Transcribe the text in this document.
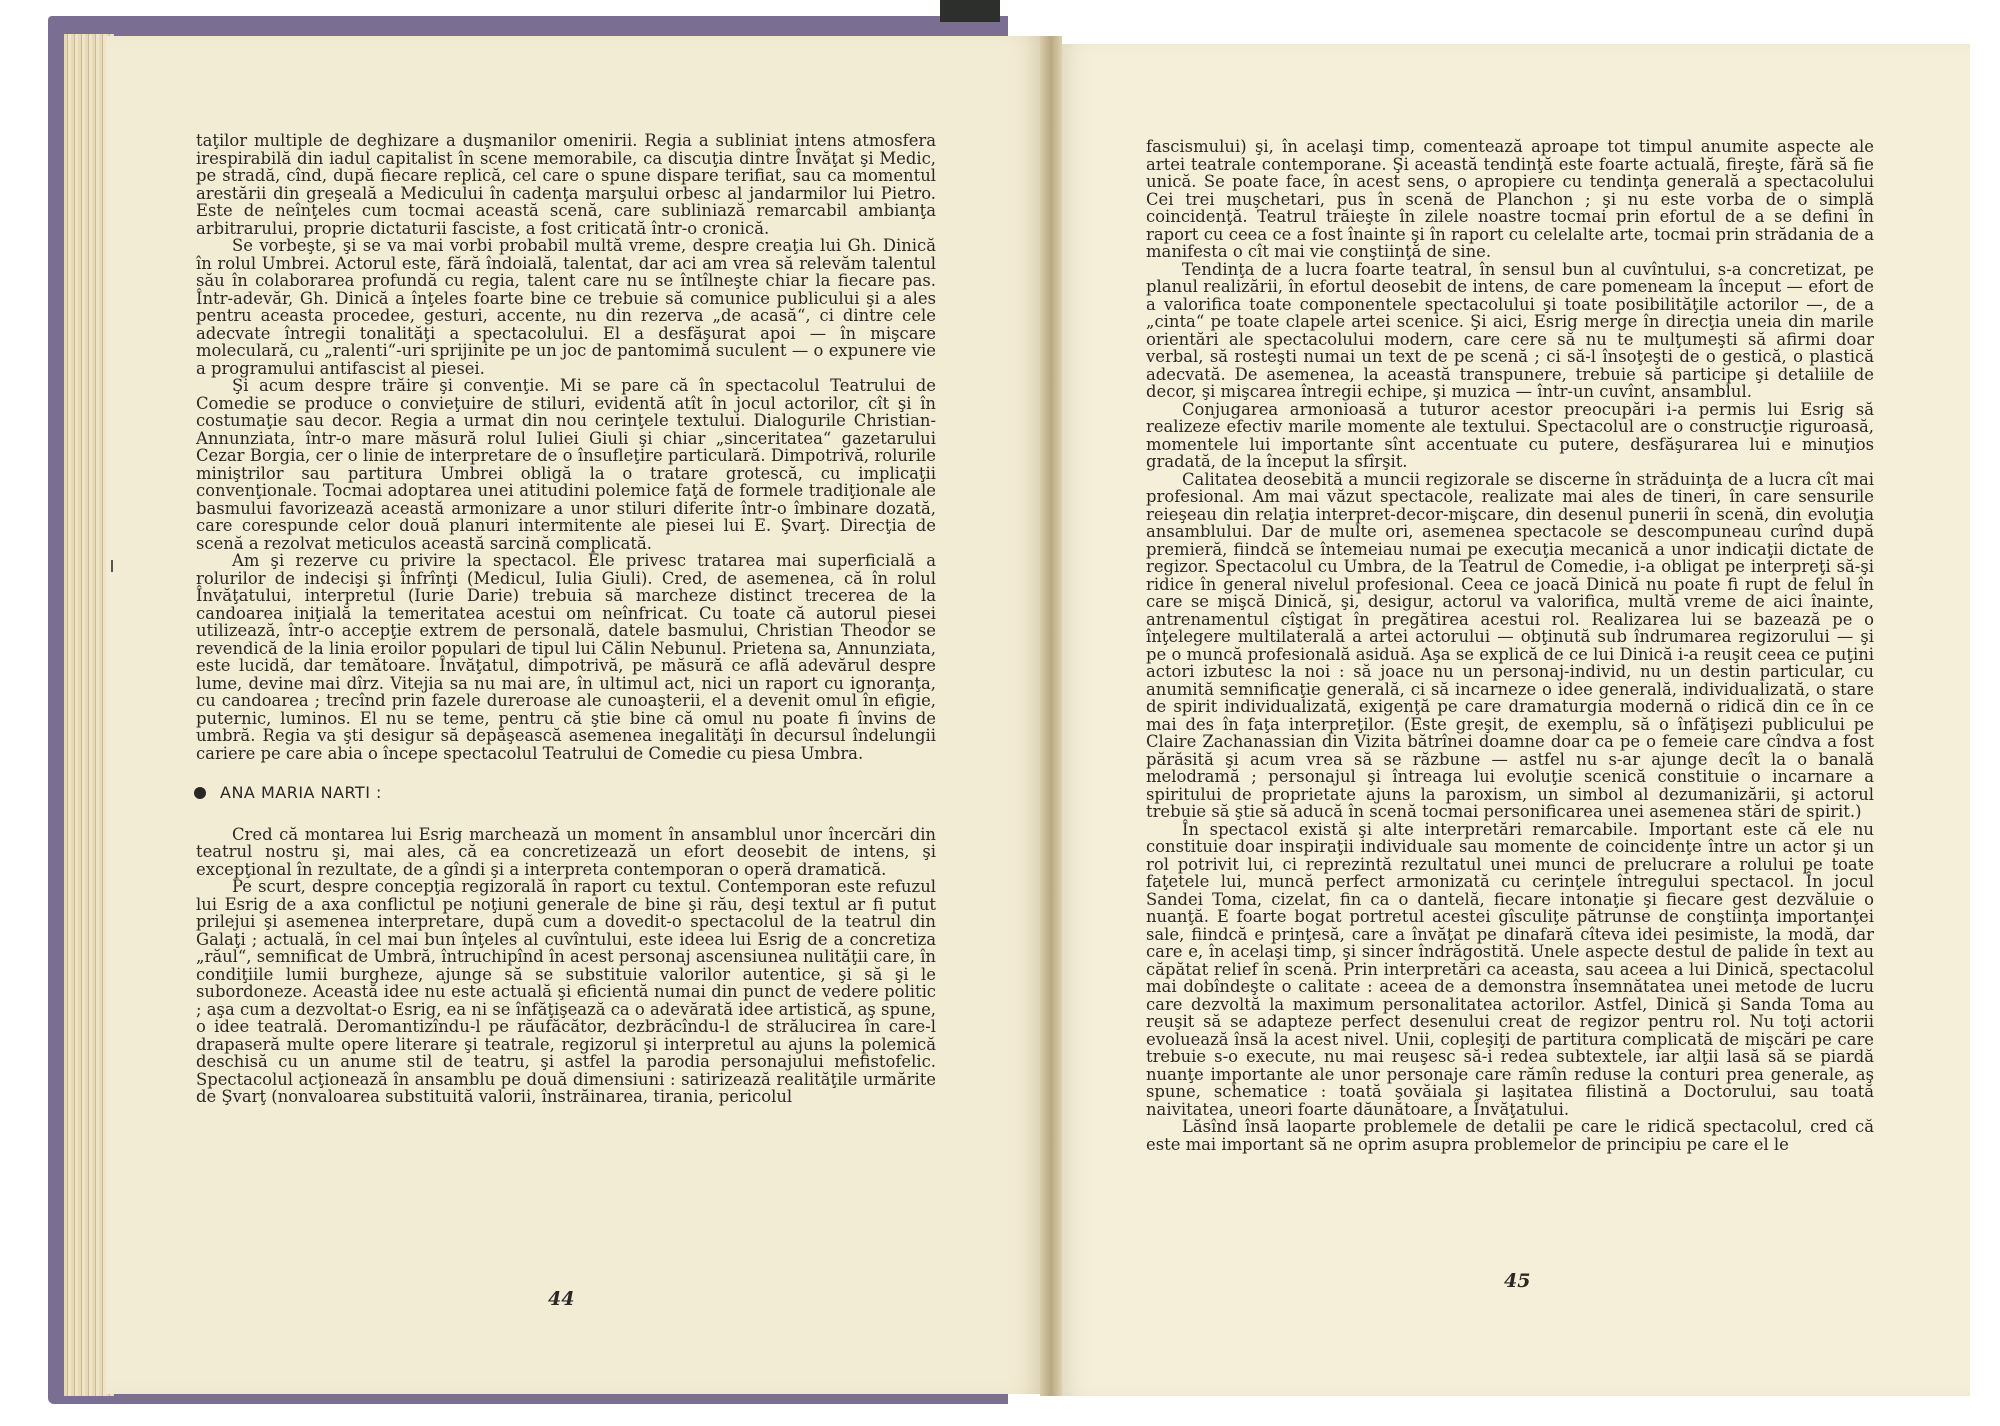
taţilor multiple de deghizare a duşmanilor omenirii. Regia a subliniat intens atmosfera irespirabilă din iadul capitalist în scene memorabile, ca discuţia dintre Învăţat şi Medic, pe stradă, cînd, după fiecare replică, cel care o spune dispare terifiat, sau ca momentul arestării din greşeală a Medicului în cadenţa marşului orbesc al jandarmilor lui Pietro. Este de neînţeles cum tocmai această scenă, care subliniază remarcabil ambianţa arbitrarului, proprie dictaturii fasciste, a fost criticată într-o cronică.

Se vorbeşte, şi se va mai vorbi probabil multă vreme, despre creaţia lui Gh. Dinică în rolul Umbrei. Actorul este, fără îndoială, talentat, dar aci am vrea să relevăm talentul său în colaborarea profundă cu regia, talent care nu se întîlneşte chiar la fiecare pas. Într-adevăr, Gh. Dinică a înţeles foarte bine ce trebuie să comunice publicului şi a ales pentru aceasta procedee, gesturi, accente, nu din rezerva „de acasă“, ci dintre cele adecvate întregii tonalităţi a spectacolului. El a desfăşurat apoi — în mişcare moleculară, cu „ralenti“-uri sprijinite pe un joc de pantomimă suculent — o expunere vie a programului antifascist al piesei.

Şi acum despre trăire şi convenţie. Mi se pare că în spectacolul Teatrului de Comedie se produce o convieţuire de stiluri, evidentă atît în jocul actorilor, cît şi în costumaţie sau decor. Regia a urmat din nou cerinţele textului. Dialogurile Christian-Annunziata, într-o mare măsură rolul Iuliei Giuli şi chiar „sinceritatea“ gazetarului Cezar Borgia, cer o linie de interpretare de o însufleţire particulară. Dimpotrivă, rolurile miniştrilor sau partitura Umbrei obligă la o tratare grotescă, cu implicaţii convenţionale. Tocmai adoptarea unei atitudini polemice faţă de formele tradiţionale ale basmului favorizează această armonizare a unor stiluri diferite într-o îmbinare dozată, care corespunde celor două planuri intermitente ale piesei lui E. Şvarţ. Direcţia de scenă a rezolvat meticulos această sarcină complicată.

Am şi rezerve cu privire la spectacol. Ele privesc tratarea mai superficială a rolurilor de indecişi şi înfrînţi (Medicul, Iulia Giuli). Cred, de asemenea, că în rolul Învăţatului, interpretul (Iurie Darie) trebuia să marcheze distinct trecerea de la candoarea iniţială la temeritatea acestui om neînfricat. Cu toate că autorul piesei utilizează, într-o accepţie extrem de personală, datele basmului, Christian Theodor se revendică de la linia eroilor populari de tipul lui Călin Nebunul. Prietena sa, Annunziata, este lucidă, dar temătoare. Învăţatul, dimpotrivă, pe măsură ce află adevărul despre lume, devine mai dîrz. Vitejia sa nu mai are, în ultimul act, nici un raport cu ignoranţa, cu candoarea ; trecînd prin fazele dureroase ale cunoaşterii, el a devenit omul în efigie, puternic, luminos. El nu se teme, pentru că ştie bine că omul nu poate fi învins de umbră. Regia va şti desigur să depăşească asemenea inegalităţi în decursul îndelungii cariere pe care abia o începe spectacolul Teatrului de Comedie cu piesa Umbra.

ANA MARIA NARTI :

Cred că montarea lui Esrig marchează un moment în ansamblul unor încercări din teatrul nostru şi, mai ales, că ea concretizează un efort deosebit de intens, şi excepţional în rezultate, de a gîndi şi a interpreta contemporan o operă dramatică.

Pe scurt, despre concepţia regizorală în raport cu textul. Contemporan este refuzul lui Esrig de a axa conflictul pe noţiuni generale de bine şi rău, deşi textul ar fi putut prilejui şi asemenea interpretare, după cum a dovedit-o spectacolul de la teatrul din Galaţi ; actuală, în cel mai bun înţeles al cuvîntului, este ideea lui Esrig de a concretiza „răul“, semnificat de Umbră, întruchipînd în acest personaj ascensiunea nulităţii care, în condiţiile lumii burgheze, ajunge să se substituie valorilor autentice, şi să şi le subordoneze. Această idee nu este actuală şi eficientă numai din punct de vedere politic ; aşa cum a dezvoltat-o Esrig, ea ni se înfăţişează ca o adevărată idee artistică, aş spune, o idee teatrală. Deromantizîndu-l pe răufăcător, dezbrăcîndu-l de strălucirea în care-l drapaseră multe opere literare şi teatrale, regizorul şi interpretul au ajuns la polemică deschisă cu un anume stil de teatru, şi astfel la parodia personajului mefistofelic. Spectacolul acţionează în ansamblu pe două dimensiuni : satirizează realităţile urmărite de Şvarţ (nonvaloarea substituită valorii, înstrăinarea, tirania, pericolul

44

fascismului) şi, în acelaşi timp, comentează aproape tot timpul anumite aspecte ale artei teatrale contemporane. Şi această tendinţă este foarte actuală, fireşte, fără să fie unică. Se poate face, în acest sens, o apropiere cu tendinţa generală a spectacolului Cei trei muşchetari, pus în scenă de Planchon ; şi nu este vorba de o simplă coincidenţă. Teatrul trăieşte în zilele noastre tocmai prin efortul de a se defini în raport cu ceea ce a fost înainte şi în raport cu celelalte arte, tocmai prin strădania de a manifesta o cît mai vie conştiinţă de sine.

Tendinţa de a lucra foarte teatral, în sensul bun al cuvîntului, s-a concretizat, pe planul realizării, în efortul deosebit de intens, de care pomeneam la început — efort de a valorifica toate componentele spectacolului şi toate posibilităţile actorilor —, de a „cinta“ pe toate clapele artei scenice. Şi aici, Esrig merge în direcţia uneia din marile orientări ale spectacolului modern, care cere să nu te mulţumeşti să afirmi doar verbal, să rosteşti numai un text de pe scenă ; ci să-l însoţeşti de o gestică, o plastică adecvată. De asemenea, la această transpunere, trebuie să participe şi detaliile de decor, şi mişcarea întregii echipe, şi muzica — într-un cuvînt, ansamblul.

Conjugarea armonioasă a tuturor acestor preocupări i-a permis lui Esrig să realizeze efectiv marile momente ale textului. Spectacolul are o construcţie riguroasă, momentele lui importante sînt accentuate cu putere, desfăşurarea lui e minuţios gradată, de la început la sfîrşit.

Calitatea deosebită a muncii regizorale se discerne în străduinţa de a lucra cît mai profesional. Am mai văzut spectacole, realizate mai ales de tineri, în care sensurile reieşeau din relaţia interpret-decor-mişcare, din desenul punerii în scenă, din evoluţia ansamblului. Dar de multe ori, asemenea spectacole se descompuneau curînd după premieră, fiindcă se întemeiau numai pe execuţia mecanică a unor indicaţii dictate de regizor. Spectacolul cu Umbra, de la Teatrul de Comedie, i-a obligat pe interpreţi să-şi ridice în general nivelul profesional. Ceea ce joacă Dinică nu poate fi rupt de felul în care se mişcă Dinică, şi, desigur, actorul va valorifica, multă vreme de aici înainte, antrenamentul cîştigat în pregătirea acestui rol. Realizarea lui se bazează pe o înţelegere multilaterală a artei actorului — obţinută sub îndrumarea regizorului — şi pe o muncă profesională asiduă. Aşa se explică de ce lui Dinică i-a reuşit ceea ce puţini actori izbutesc la noi : să joace nu un personaj-individ, nu un destin particular, cu anumită semnificaţie generală, ci să incarneze o idee generală, individualizată, o stare de spirit individualizată, exigenţă pe care dramaturgia modernă o ridică din ce în ce mai des în faţa interpreţilor. (Este greşit, de exemplu, să o înfăţişezi publicului pe Claire Zachanassian din Vizita bătrînei doamne doar ca pe o femeie care cîndva a fost părăsită şi acum vrea să se răzbune — astfel nu s-ar ajunge decît la o banală melodramă ; personajul şi întreaga lui evoluţie scenică constituie o incarnare a spiritului de proprietate ajuns la paroxism, un simbol al dezumanizării, şi actorul trebuie să ştie să aducă în scenă tocmai personificarea unei asemenea stări de spirit.)

În spectacol există şi alte interpretări remarcabile. Important este că ele nu constituie doar inspiraţii individuale sau momente de coincidenţe între un actor şi un rol potrivit lui, ci reprezintă rezultatul unei munci de prelucrare a rolului pe toate faţetele lui, muncă perfect armonizată cu cerinţele întregului spectacol. În jocul Sandei Toma, cizelat, fin ca o dantelă, fiecare intonaţie şi fiecare gest dezvăluie o nuanţă. E foarte bogat portretul acestei gîsculiţe pătrunse de conştiinţa importanţei sale, fiindcă e prinţesă, care a învăţat pe dinafară cîteva idei pesimiste, la modă, dar care e, în acelaşi timp, şi sincer îndrăgostită. Unele aspecte destul de palide în text au căpătat relief în scenă. Prin interpretări ca aceasta, sau aceea a lui Dinică, spectacolul mai dobîndeşte o calitate : aceea de a demonstra însemnătatea unei metode de lucru care dezvoltă la maximum personalitatea actorilor. Astfel, Dinică şi Sanda Toma au reuşit să se adapteze perfect desenului creat de regizor pentru rol. Nu toţi actorii evoluează însă la acest nivel. Unii, copleşiţi de partitura complicată de mişcări pe care trebuie s-o execute, nu mai reuşesc să-i redea subtextele, iar alţii lasă să se piardă nuanţe importante ale unor personaje care rămîn reduse la conturi prea generale, aş spune, schematice : toată şovăiala şi laşitatea filistină a Doctorului, sau toată naivitatea, uneori foarte dăunătoare, a Învăţatului.

Lăsînd însă laoparte problemele de detalii pe care le ridică spectacolul, cred că este mai important să ne oprim asupra problemelor de principiu pe care el le

45
